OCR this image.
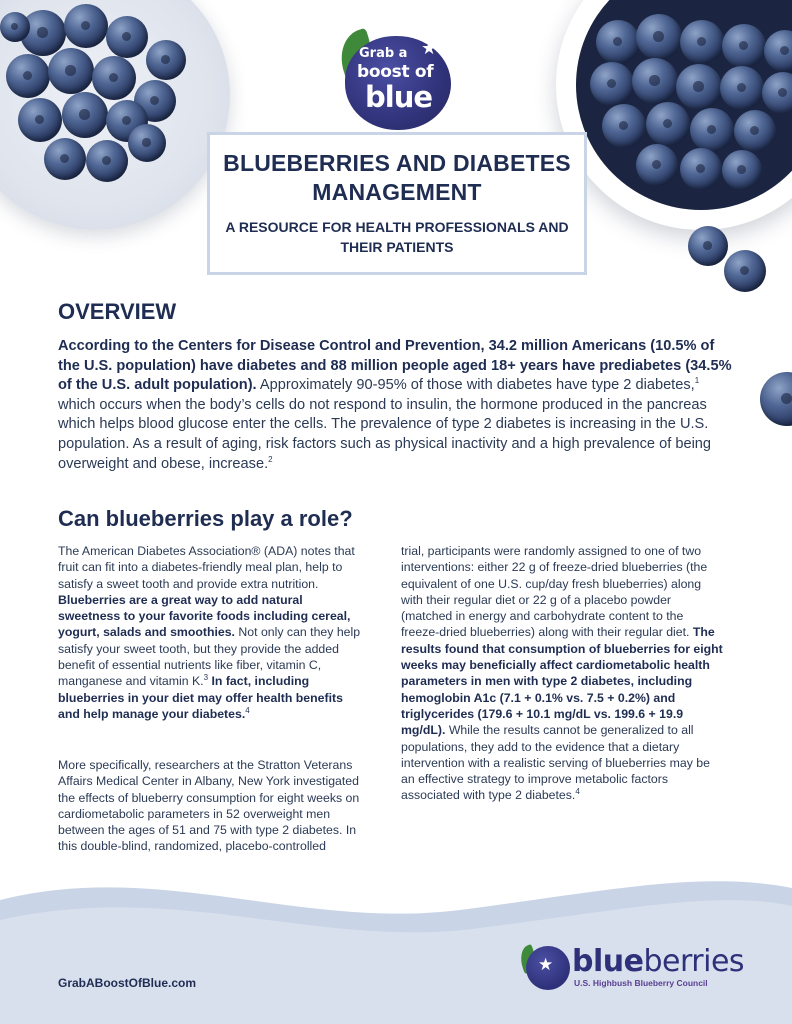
Grab a ★
boost of
blue
BLUEBERRIES AND DIABETES MANAGEMENT
A RESOURCE FOR HEALTH PROFESSIONALS AND THEIR PATIENTS
OVERVIEW

According to the Centers for Disease Control and Prevention, 34.2 million Americans (10.5% of the U.S. population) have diabetes and 88 million people aged 18+ years have prediabetes (34.5% of the U.S. adult population). Approximately 90-95% of those with diabetes have type 2 diabetes,$^1$ which occurs when the body’s cells do not respond to insulin, the hormone produced in the pancreas which helps blood glucose enter the cells. The prevalence of type 2 diabetes is increasing in the U.S. population. As a result of aging, risk factors such as physical inactivity and a high prevalence of being overweight and obese, increase.$^2$

Can blueberries play a role?

The American Diabetes Association® (ADA) notes that fruit can fit into a diabetes-friendly meal plan, help to satisfy a sweet tooth and provide extra nutrition. Blueberries are a great way to add natural sweetness to your favorite foods including cereal, yogurt, salads and smoothies. Not only can they help satisfy your sweet tooth, but they provide the added benefit of essential nutrients like fiber, vitamin C, manganese and vitamin K.$^3$ In fact, including blueberries in your diet may offer health benefits and help manage your diabetes.$^4$

More specifically, researchers at the Stratton Veterans Affairs Medical Center in Albany, New York investigated the effects of blueberry consumption for eight weeks on cardiometabolic parameters in 52 overweight men between the ages of 51 and 75 with type 2 diabetes. In this double-blind, randomized, placebo-controlled

trial, participants were randomly assigned to one of two interventions: either 22 g of freeze-dried blueberries (the equivalent of one U.S. cup/day fresh blueberries) along with their regular diet or 22 g of a placebo powder (matched in energy and carbohydrate content to the freeze-dried blueberries) along with their regular diet. The results found that consumption of blueberries for eight weeks may beneficially affect cardiometabolic health parameters in men with type 2 diabetes, including hemoglobin A1c (7.1 + 0.1% vs. 7.5 + 0.2%) and triglycerides (179.6 + 10.1 mg/dL vs. 199.6 + 19.9 mg/dL). While the results cannot be generalized to all populations, they add to the evidence that a dietary intervention with a realistic serving of blueberries may be an effective strategy to improve metabolic factors associated with type 2 diabetes.$^4$

GrabABoostOfBlue.com
★ blueberries
U.S. Highbush Blueberry Council
